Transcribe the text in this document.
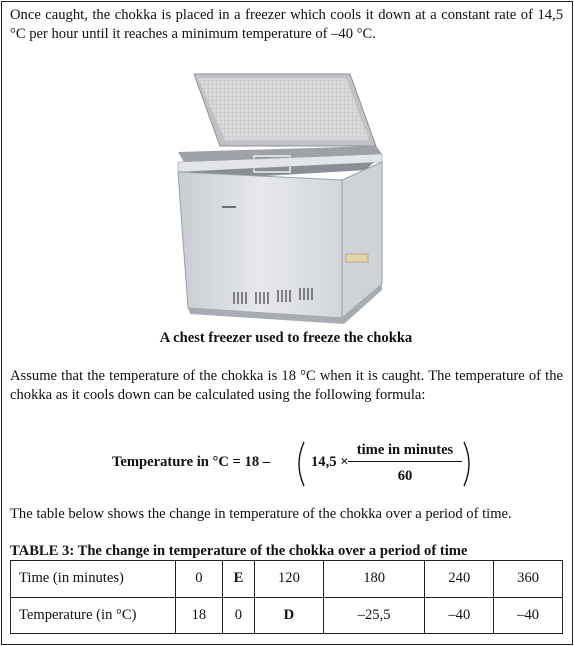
Once caught, the chokka is placed in a freezer which cools it down at a constant rate of 14,5 °C per hour until it reaches a minimum temperature of –40 °C.
A chest freezer used to freeze the chokka
Assume that the temperature of the chokka is 18 °C when it is caught. The temperature of the chokka as it cools down can be calculated using the following formula:
Temperature in °C = 18 –	14,5 ×
time in minutes
60
The table below shows the change in temperature of the chokka over a period of time.
TABLE 3: The change in temperature of the chokka over a period of time
Time (in minutes)	0	E	120	180	240	360
Temperature (in °C)	18	0	D	–25,5	–40	–40
